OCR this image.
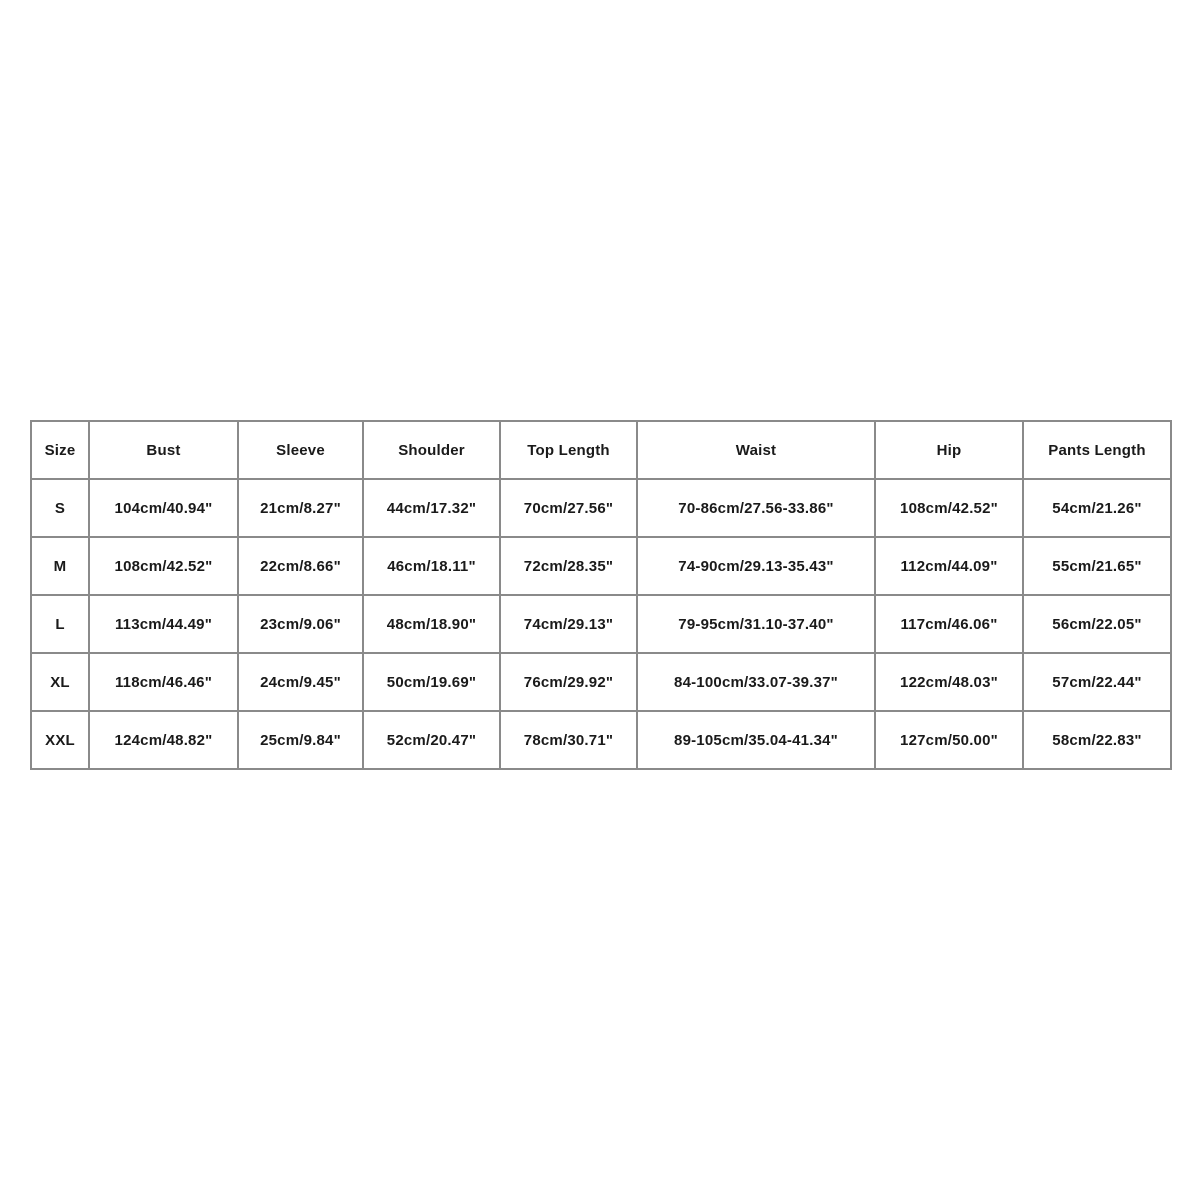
Size	Bust	Sleeve	Shoulder	Top Length	Waist	Hip	Pants Length
S	104cm/40.94"	21cm/8.27"	44cm/17.32"	70cm/27.56"	70-86cm/27.56-33.86"	108cm/42.52"	54cm/21.26"
M	108cm/42.52"	22cm/8.66"	46cm/18.11"	72cm/28.35"	74-90cm/29.13-35.43"	112cm/44.09"	55cm/21.65"
L	113cm/44.49"	23cm/9.06"	48cm/18.90"	74cm/29.13"	79-95cm/31.10-37.40"	117cm/46.06"	56cm/22.05"
XL	118cm/46.46"	24cm/9.45"	50cm/19.69"	76cm/29.92"	84-100cm/33.07-39.37"	122cm/48.03"	57cm/22.44"
XXL	124cm/48.82"	25cm/9.84"	52cm/20.47"	78cm/30.71"	89-105cm/35.04-41.34"	127cm/50.00"	58cm/22.83"
